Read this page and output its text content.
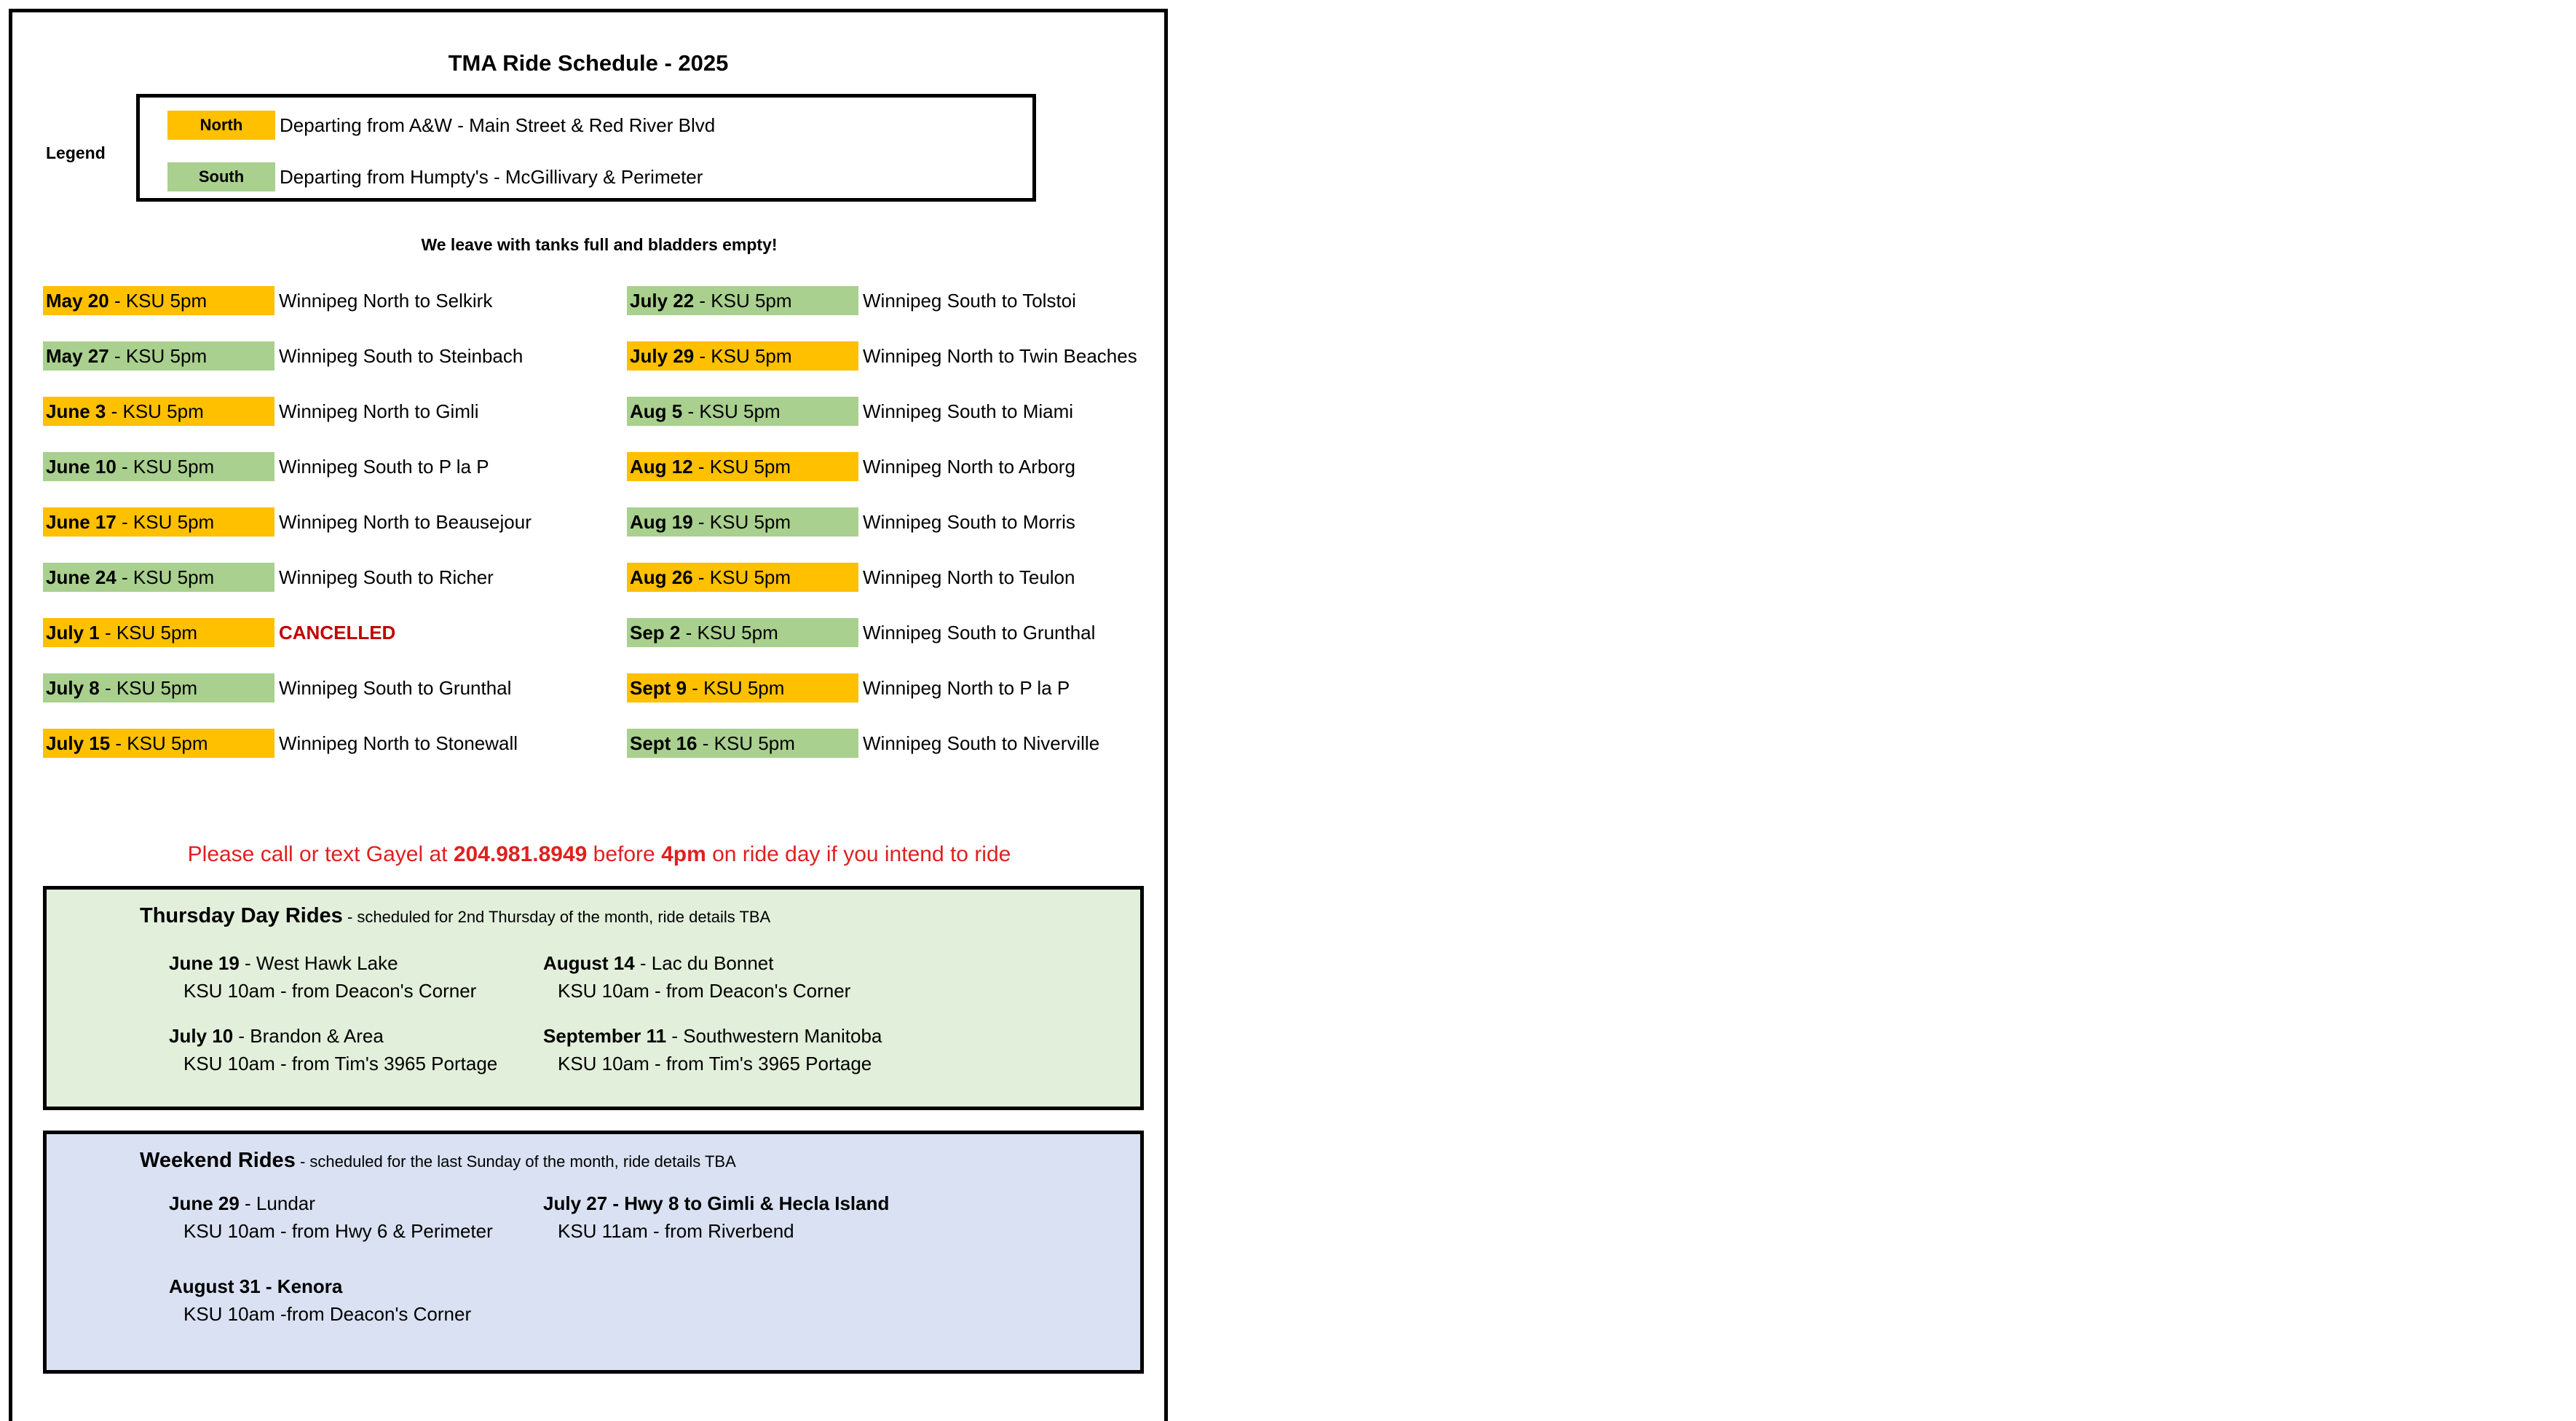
TMA Ride Schedule - 2025
Legend
North	Departing from A&W - Main Street & Red River Blvd
South	Departing from Humpty's - McGillivary & Perimeter

We leave with tanks full and bladders empty!

May 20 - KSU 5pm	Winnipeg North to Selkirk
May 27 - KSU 5pm	Winnipeg South to Steinbach
June 3 - KSU 5pm	Winnipeg North to Gimli
June 10 - KSU 5pm	Winnipeg South to P la P
June 17 - KSU 5pm	Winnipeg North to Beausejour
June 24 - KSU 5pm	Winnipeg South to Richer
July 1 - KSU 5pm	CANCELLED
July 8 - KSU 5pm	Winnipeg South to Grunthal
July 15 - KSU 5pm	Winnipeg North to Stonewall
July 22 - KSU 5pm	Winnipeg South to Tolstoi
July 29 - KSU 5pm	Winnipeg North to Twin Beaches
Aug 5 - KSU 5pm	Winnipeg South to Miami
Aug 12 - KSU 5pm	Winnipeg North to Arborg
Aug 19 - KSU 5pm	Winnipeg South to Morris
Aug 26 - KSU 5pm	Winnipeg North to Teulon
Sep 2 - KSU 5pm	Winnipeg South to Grunthal
Sept 9 - KSU 5pm	Winnipeg North to P la P
Sept 16 - KSU 5pm	Winnipeg South to Niverville

Please call or text Gayel at 204.981.8949 before 4pm on ride day if you intend to ride

Thursday Day Rides - scheduled for 2nd Thursday of the month, ride details TBA
June 19 - West Hawk Lake
KSU 10am - from Deacon's Corner
August 14 - Lac du Bonnet
KSU 10am - from Deacon's Corner
July 10 - Brandon & Area
KSU 10am - from Tim's 3965 Portage
September 11 - Southwestern Manitoba
KSU 10am - from Tim's 3965 Portage
Weekend Rides - scheduled for the last Sunday of the month, ride details TBA
June 29 - Lundar
KSU 10am - from Hwy 6 & Perimeter
July 27 - Hwy 8 to Gimli & Hecla Island
KSU 11am - from Riverbend
August 31 - Kenora
KSU 10am -from Deacon's Corner
